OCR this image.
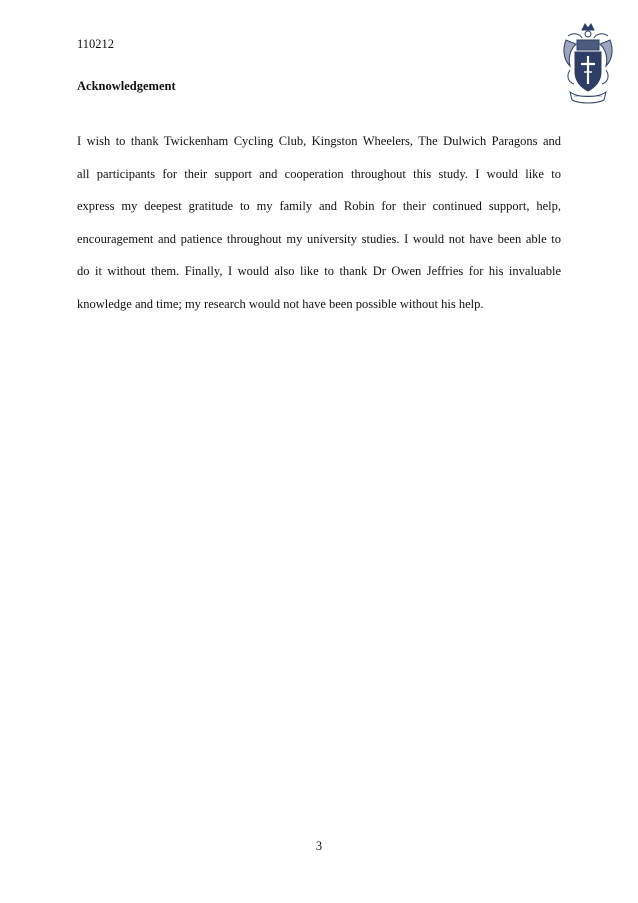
110212
Acknowledgement
I wish to thank Twickenham Cycling Club, Kingston Wheelers, The Dulwich Paragons and
all participants for their support and cooperation throughout this study. I would like to
express my deepest gratitude to my family and Robin for their continued support, help,
encouragement and patience throughout my university studies. I would not have been able to
do it without them. Finally, I would also like to thank Dr Owen Jeffries for his invaluable
knowledge and time; my research would not have been possible without his help.
3
